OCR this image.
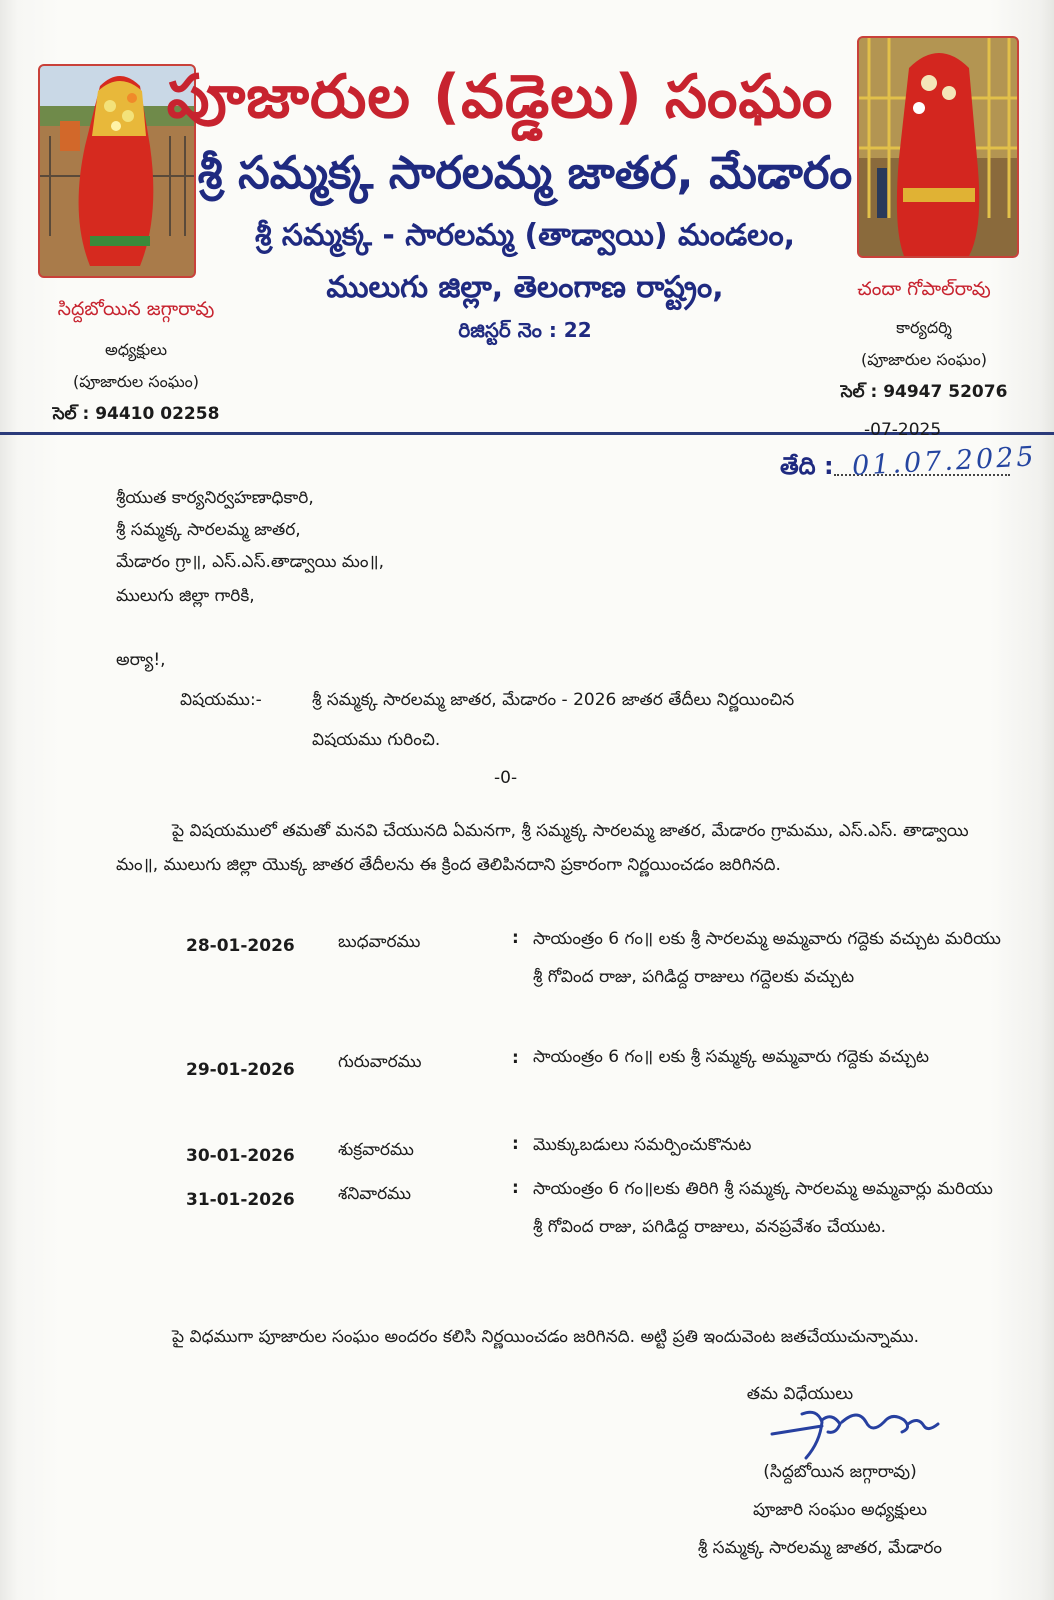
పూజారుల (వడ్డెలు) సంఘం
శ్రీ సమ్మక్క సారలమ్మ జాతర, మేడారం
శ్రీ సమ్మక్క - సారలమ్మ (తాడ్వాయి) మండలం,
ములుగు జిల్లా, తెలంగాణ రాష్ట్రం,
రిజిస్టర్ నెం : 22
సిద్దబోయిన జగ్గారావు
అధ్యక్షులు
(పూజారుల సంఘం)
సెల్ : 94410 02258
చందా గోపాల్‌రావు
కార్యదర్శి
(పూజారుల సంఘం)
సెల్ : 94947 52076
-07-2025
తేది : 01.07.2025
శ్రీయుత కార్యనిర్వహణాధికారి,
శ్రీ సమ్మక్క సారలమ్మ జాతర,
మేడారం గ్రా॥, ఎస్.ఎస్.తాడ్వాయి మం॥,
ములుగు జిల్లా గారికి,
అర్యా!,
విషయము:-	శ్రీ సమ్మక్క సారలమ్మ జాతర, మేడారం - 2026 జాతర తేదీలు నిర్ణయించిన
విషయము గురించి.
-0-
పై విషయములో తమతో మనవి చేయునది ఏమనగా, శ్రీ సమ్మక్క సారలమ్మ జాతర, మేడారం గ్రామము, ఎస్.ఎస్. తాడ్వాయి మం॥, ములుగు జిల్లా యొక్క జాతర తేదీలను ఈ క్రింద తెలిపినదాని ప్రకారంగా నిర్ణయించడం జరిగినది.
28-01-2026	బుధవారము	: సాయంత్రం 6 గం॥ లకు శ్రీ సారలమ్మ అమ్మవారు గద్దెకు వచ్చుట మరియు శ్రీ గోవింద రాజు, పగిడిద్ద రాజులు గద్దెలకు వచ్చుట
29-01-2026	గురువారము	: సాయంత్రం 6 గం॥ లకు శ్రీ సమ్మక్క అమ్మవారు గద్దెకు వచ్చుట
30-01-2026	శుక్రవారము	: మొక్కుబడులు సమర్పించుకొనుట
31-01-2026	శనివారము	: సాయంత్రం 6 గం॥లకు తిరిగి శ్రీ సమ్మక్క సారలమ్మ అమ్మవార్లు మరియు శ్రీ గోవింద రాజు, పగిడిద్ద రాజులు, వనప్రవేశం చేయుట.
పై విధముగా పూజారుల సంఘం అందరం కలిసి నిర్ణయించడం జరిగినది. అట్టి ప్రతి ఇందువెంట జతచేయుచున్నాము.
తమ విధేయులు
(సిద్దబోయిన జగ్గారావు)
పూజారి సంఘం అధ్యక్షులు
శ్రీ సమ్మక్క సారలమ్మ జాతర, మేడారం
